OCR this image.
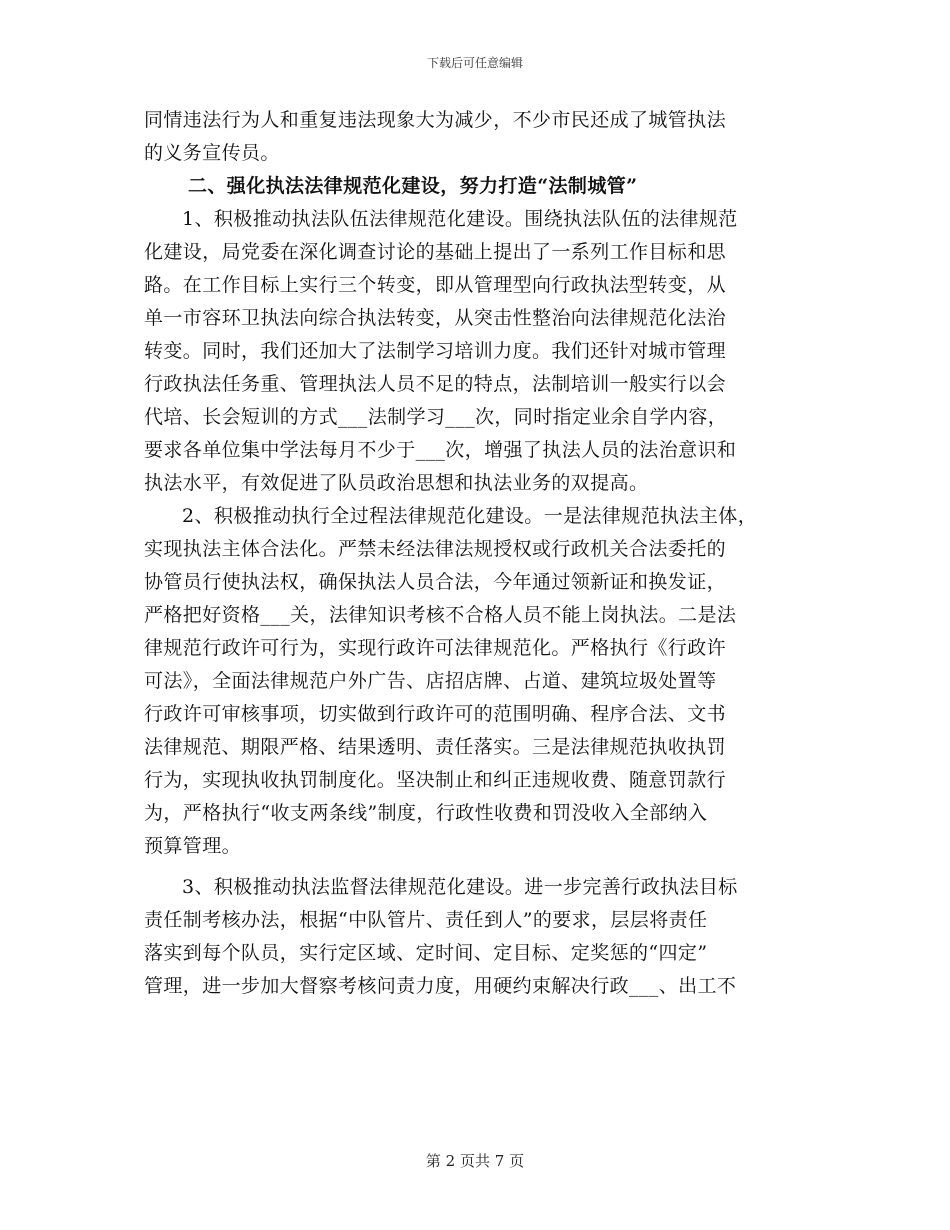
下载后可任意编辑
同情违法行为人和重复违法现象大为减少，不少市民还成了城管执法
的义务宣传员。
二、强化执法法律规范化建设，努力打造“法制城管”
1、积极推动执法队伍法律规范化建设。围绕执法队伍的法律规范
化建设，局党委在深化调查讨论的基础上提出了一系列工作目标和思
路。在工作目标上实行三个转变，即从管理型向行政执法型转变，从
单一市容环卫执法向综合执法转变，从突击性整治向法律规范化法治
转变。同时，我们还加大了法制学习培训力度。我们还针对城市管理
行政执法任务重、管理执法人员不足的特点，法制培训一般实行以会
代培、长会短训的方式___法制学习___次，同时指定业余自学内容，
要求各单位集中学法每月不少于___次，增强了执法人员的法治意识和
执法水平，有效促进了队员政治思想和执法业务的双提高。
2、积极推动执行全过程法律规范化建设。一是法律规范执法主体，
实现执法主体合法化。严禁未经法律法规授权或行政机关合法委托的
协管员行使执法权，确保执法人员合法，今年通过领新证和换发证，
严格把好资格___关，法律知识考核不合格人员不能上岗执法。二是法
律规范行政许可行为，实现行政许可法律规范化。严格执行《行政许
可法》，全面法律规范户外广告、店招店牌、占道、建筑垃圾处置等
行政许可审核事项，切实做到行政许可的范围明确、程序合法、文书
法律规范、期限严格、结果透明、责任落实。三是法律规范执收执罚
行为，实现执收执罚制度化。坚决制止和纠正违规收费、随意罚款行
为，严格执行“收支两条线”制度，行政性收费和罚没收入全部纳入
预算管理。
3、积极推动执法监督法律规范化建设。进一步完善行政执法目标
责任制考核办法，根据“中队管片、责任到人”的要求，层层将责任
落实到每个队员，实行定区域、定时间、定目标、定奖惩的“四定”
管理，进一步加大督察考核问责力度，用硬约束解决行政___、出工不
第 2 页共 7 页
